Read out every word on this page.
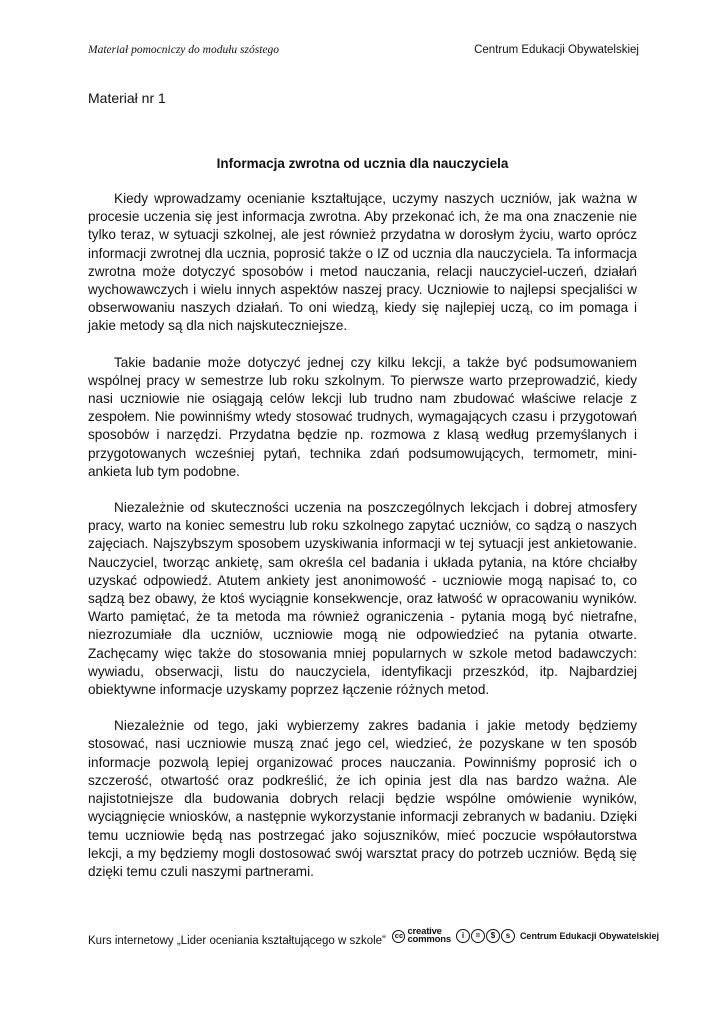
Materiał pomocniczy do modułu szóstego	Centrum Edukacji Obywatelskiej
Materiał nr 1
Informacja zwrotna od ucznia dla nauczyciela

Kiedy wprowadzamy ocenianie kształtujące, uczymy naszych uczniów, jak ważna w procesie uczenia się jest informacja zwrotna. Aby przekonać ich, że ma ona znaczenie nie tylko teraz, w sytuacji szkolnej, ale jest również przydatna w dorosłym życiu, warto oprócz informacji zwrotnej dla ucznia, poprosić także o IZ od ucznia dla nauczyciela. Ta informacja zwrotna może dotyczyć sposobów i metod nauczania, relacji nauczyciel-uczeń, działań wychowawczych i wielu innych aspektów naszej pracy. Uczniowie to najlepsi specjaliści w obserwowaniu naszych działań. To oni wiedzą, kiedy się najlepiej uczą, co im pomaga i jakie metody są dla nich najskuteczniejsze.

Takie badanie może dotyczyć jednej czy kilku lekcji, a także być podsumowaniem wspólnej pracy w semestrze lub roku szkolnym. To pierwsze warto przeprowadzić, kiedy nasi uczniowie nie osiągają celów lekcji lub trudno nam zbudować właściwe relacje z zespołem. Nie powinniśmy wtedy stosować trudnych, wymagających czasu i przygotowań sposobów i narzędzi. Przydatna będzie np. rozmowa z klasą według przemyślanych i przygotowanych wcześniej pytań, technika zdań podsumowujących, termometr, mini-ankieta lub tym podobne.

Niezależnie od skuteczności uczenia na poszczególnych lekcjach i dobrej atmosfery pracy, warto na koniec semestru lub roku szkolnego zapytać uczniów, co sądzą o naszych zajęciach. Najszybszym sposobem uzyskiwania informacji w tej sytuacji jest ankietowanie. Nauczyciel, tworząc ankietę, sam określa cel badania i układa pytania, na które chciałby uzyskać odpowiedź. Atutem ankiety jest anonimowość - uczniowie mogą napisać to, co sądzą bez obawy, że ktoś wyciągnie konsekwencje, oraz łatwość w opracowaniu wyników. Warto pamiętać, że ta metoda ma również ograniczenia - pytania mogą być nietrafne, niezrozumiałe dla uczniów, uczniowie mogą nie odpowiedzieć na pytania otwarte. Zachęcamy więc także do stosowania mniej popularnych w szkole metod badawczych: wywiadu, obserwacji, listu do nauczyciela, identyfikacji przeszkód, itp. Najbardziej obiektywne informacje uzyskamy poprzez łączenie różnych metod.

Niezależnie od tego, jaki wybierzemy zakres badania i jakie metody będziemy stosować, nasi uczniowie muszą znać jego cel, wiedzieć, że pozyskane w ten sposób informacje pozwolą lepiej organizować proces nauczania. Powinniśmy poprosić ich o szczerość, otwartość oraz podkreślić, że ich opinia jest dla nas bardzo ważna. Ale najistotniejsze dla budowania dobrych relacji będzie wspólne omówienie wyników, wyciągnięcie wniosków, a następnie wykorzystanie informacji zebranych w badaniu. Dzięki temu uczniowie będą nas postrzegać jako sojuszników, mieć poczucie współautorstwa lekcji, a my będziemy mogli dostosować swój warsztat pracy do potrzeb uczniów. Będą się dzięki temu czuli naszymi partnerami.

Kurs internetowy „Lider oceniania kształtującego w szkole”	cc creative
commons	i	=	$	s	Centrum Edukacji Obywatelskiej
